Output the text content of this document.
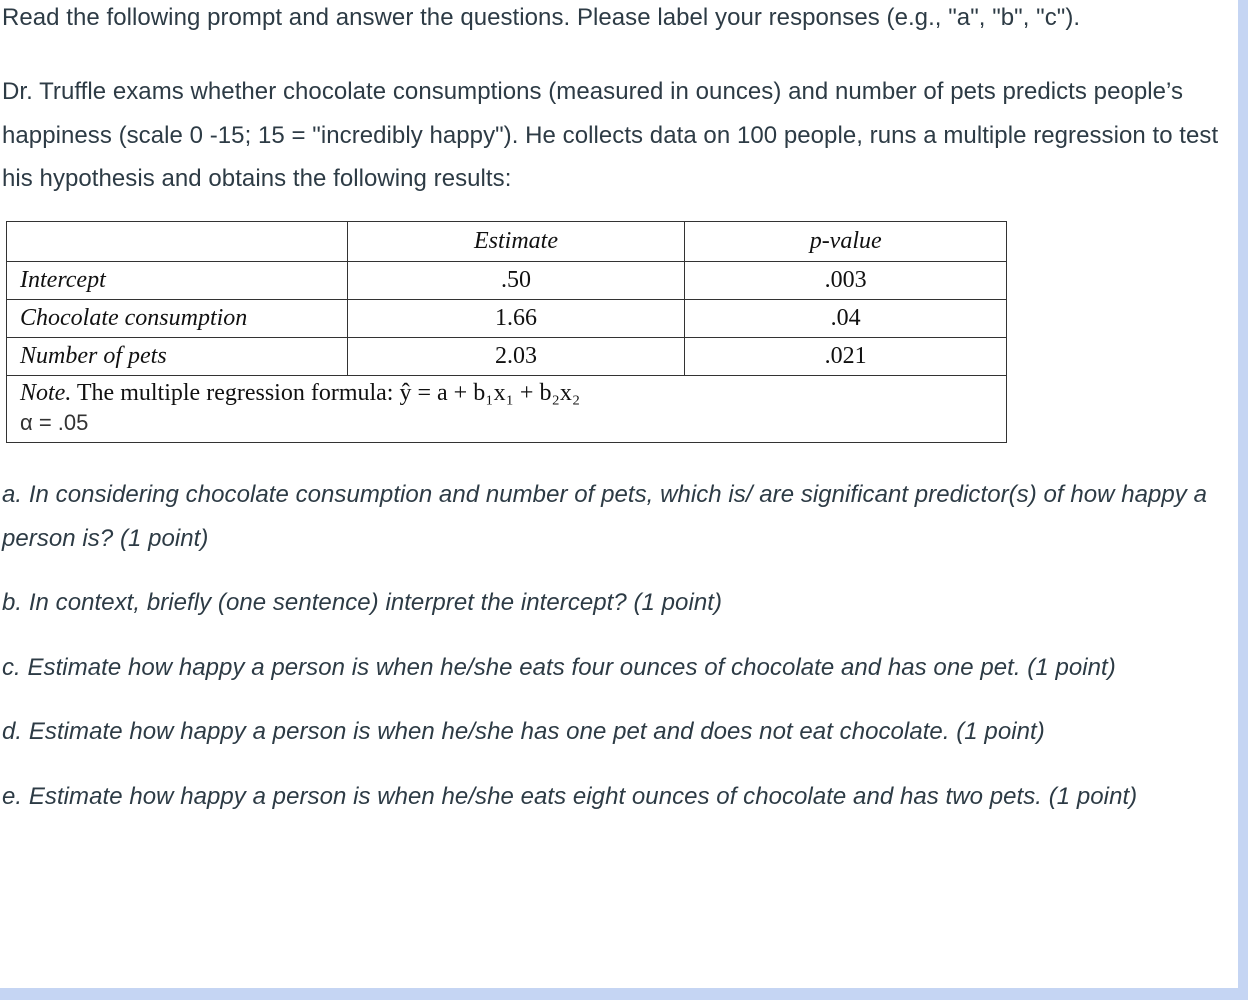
Read the following prompt and answer the questions. Please label your responses (e.g., "a", "b", "c").

Dr. Truffle exams whether chocolate consumptions (measured in ounces) and number of pets predicts people’s happiness (scale 0 -15; 15 = "incredibly happy"). He collects data on 100 people, runs a multiple regression to test his hypothesis and obtains the following results:

	Estimate	p-value
Intercept	.50	.003
Chocolate consumption	1.66	.04
Number of pets	2.03	.021
Note. The multiple regression formula: ŷ = a + b₁x₁ + b₂x₂
α = .05		

a. In considering chocolate consumption and number of pets, which is/ are significant predictor(s) of how happy a person is? (1 point)

b. In context, briefly (one sentence) interpret the intercept? (1 point)

c. Estimate how happy a person is when he/she eats four ounces of chocolate and has one pet. (1 point)

d. Estimate how happy a person is when he/she has one pet and does not eat chocolate. (1 point)

e. Estimate how happy a person is when he/she eats eight ounces of chocolate and has two pets. (1 point)
